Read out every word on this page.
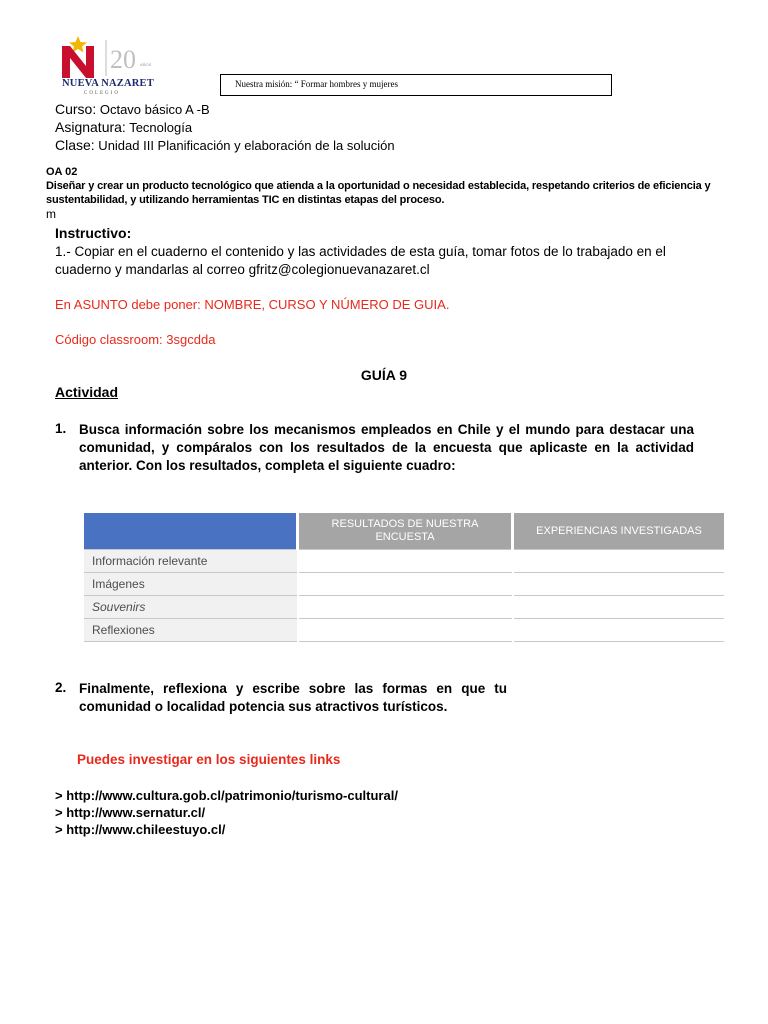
20 AÑOS
NUEVA NAZARET
COLEGIO
Nuestra misión: “ Formar hombres y mujeres
Curso: Octavo básico A -B
Asignatura: Tecnología
Clase: Unidad III Planificación y elaboración de la solución
OA 02
Diseñar y crear un producto tecnológico que atienda a la oportunidad o necesidad establecida, respetando criterios de eficiencia y sustentabilidad, y utilizando herramientas TIC en distintas etapas del proceso.
m
Instructivo:
1.- Copiar en el cuaderno el contenido y las actividades de esta guía, tomar fotos de lo trabajado en el cuaderno y mandarlas al correo gfritz@colegionuevanazaret.cl
En ASUNTO debe poner: NOMBRE, CURSO Y NÚMERO DE GUIA.
Código classroom: 3sgcdda
GUÍA 9
Actividad
1. Busca información sobre los mecanismos empleados en Chile y el mundo para destacar una comunidad, y compáralos con los resultados de la encuesta que aplicaste en la actividad anterior. Con los resultados, completa el siguiente cuadro:
	RESULTADOS DE NUESTRA ENCUESTA	EXPERIENCIAS INVESTIGADAS
Información relevante		
Imágenes		
Souvenirs		
Reflexiones		
2. Finalmente, reflexiona y escribe sobre las formas en que tu comunidad o localidad potencia sus atractivos turísticos.
Puedes investigar en los siguientes links
> http://www.cultura.gob.cl/patrimonio/turismo-cultural/
> http://www.sernatur.cl/
> http://www.chileestuyo.cl/
